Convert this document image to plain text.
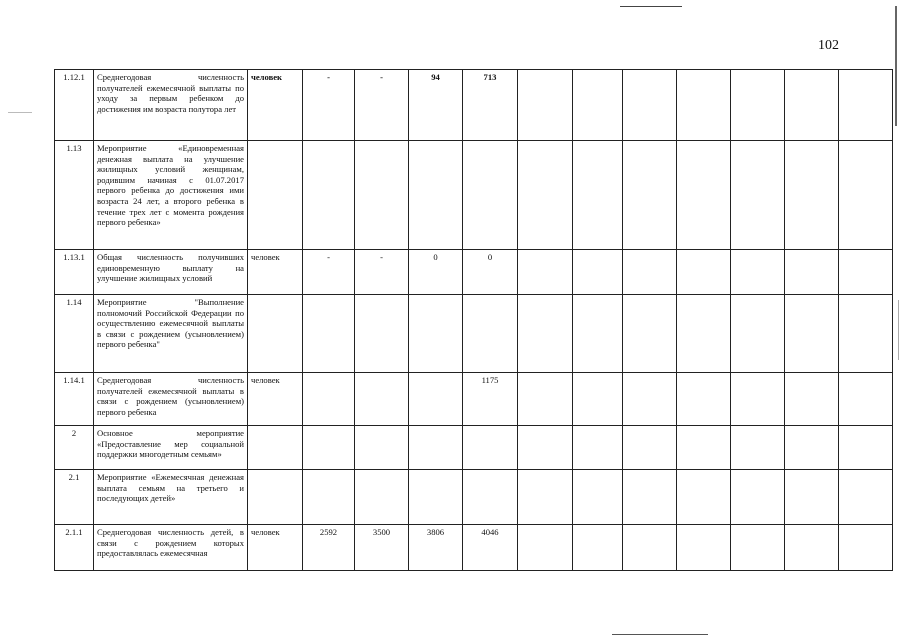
102
1.12.1	Среднегодовая численность получателей ежемесячной выплаты по уходу за первым ребенком до достижения им возраста полутора лет	человек	-	-	94	713							
1.13	Мероприятие «Единовременная денежная выплата на улучшение жилищных условий женщинам, родившим начиная с 01.07.2017 первого ребенка до достижения ими возраста 24 лет, а второго ребенка в течение трех лет с момента рождения первого ребенка»												
1.13.1	Общая численность получивших единовременную выплату на улучшение жилищных условий	человек	-	-	0	0							
1.14	Мероприятие "Выполнение полномочий Российской Федерации по осуществлению ежемесячной выплаты в связи с рождением (усыновлением) первого ребенка"												
1.14.1	Среднегодовая численность получателей ежемесячной выплаты в связи с рождением (усыновлением) первого ребенка	человек				1175							
2	Основное мероприятие «Предоставление мер социальной поддержки многодетным семьям»												
2.1	Мероприятие «Ежемесячная денежная выплата семьям на третьего и последующих детей»												
2.1.1	Среднегодовая численность детей, в связи с рождением которых предоставлялась ежемесячная	человек	2592	3500	3806	4046							
